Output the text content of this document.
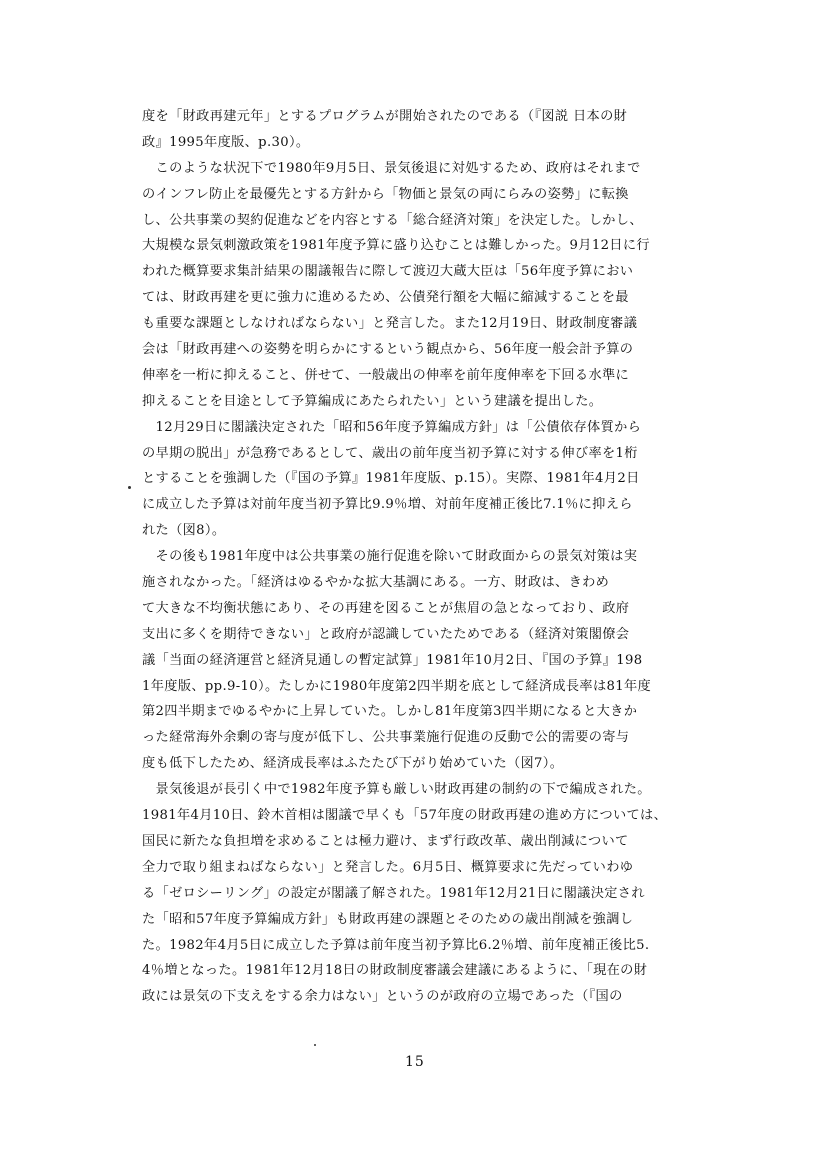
度を「財政再建元年」とするプログラムが開始されたのである（『図説 日本の財
政』1995年度版、p.30）。
　このような状況下で1980年9月5日、景気後退に対処するため、政府はそれまで
のインフレ防止を最優先とする方針から「物価と景気の両にらみの姿勢」に転換
し、公共事業の契約促進などを内容とする「総合経済対策」を決定した。しかし、
大規模な景気刺激政策を1981年度予算に盛り込むことは難しかった。9月12日に行
われた概算要求集計結果の閣議報告に際して渡辺大蔵大臣は「56年度予算におい
ては、財政再建を更に強力に進めるため、公債発行額を大幅に縮減することを最
も重要な課題としなければならない」と発言した。また12月19日、財政制度審議
会は「財政再建への姿勢を明らかにするという観点から、56年度一般会計予算の
伸率を一桁に抑えること、併せて、一般歳出の伸率を前年度伸率を下回る水準に
抑えることを目途として予算編成にあたられたい」という建議を提出した。
　12月29日に閣議決定された「昭和56年度予算編成方針」は「公債依存体質から
の早期の脱出」が急務であるとして、歳出の前年度当初予算に対する伸び率を1桁
とすることを強調した（『国の予算』1981年度版、p.15）。実際、1981年4月2日
に成立した予算は対前年度当初予算比9.9％増、対前年度補正後比7.1％に抑えら
れた（図8）。
　その後も1981年度中は公共事業の施行促進を除いて財政面からの景気対策は実
施されなかった。「経済はゆるやかな拡大基調にある。一方、財政は、きわめ
て大きな不均衡状態にあり、その再建を図ることが焦眉の急となっており、政府
支出に多くを期待できない」と政府が認識していたためである（経済対策閣僚会
議「当面の経済運営と経済見通しの暫定試算」1981年10月2日、『国の予算』198
1年度版、pp.9-10）。たしかに1980年度第2四半期を底として経済成長率は81年度
第2四半期までゆるやかに上昇していた。しかし81年度第3四半期になると大きか
った経常海外余剰の寄与度が低下し、公共事業施行促進の反動で公的需要の寄与
度も低下したため、経済成長率はふたたび下がり始めていた（図7）。
　景気後退が長引く中で1982年度予算も厳しい財政再建の制約の下で編成された。
1981年4月10日、鈴木首相は閣議で早くも「57年度の財政再建の進め方については、
国民に新たな負担増を求めることは極力避け、まず行政改革、歳出削減について
全力で取り組まねばならない」と発言した。6月5日、概算要求に先だっていわゆ
る「ゼロシーリング」の設定が閣議了解された。1981年12月21日に閣議決定され
た「昭和57年度予算編成方針」も財政再建の課題とそのための歳出削減を強調し
た。1982年4月5日に成立した予算は前年度当初予算比6.2％増、前年度補正後比5.
4％増となった。1981年12月18日の財政制度審議会建議にあるように、「現在の財
政には景気の下支えをする余力はない」というのが政府の立場であった（『国の
15
